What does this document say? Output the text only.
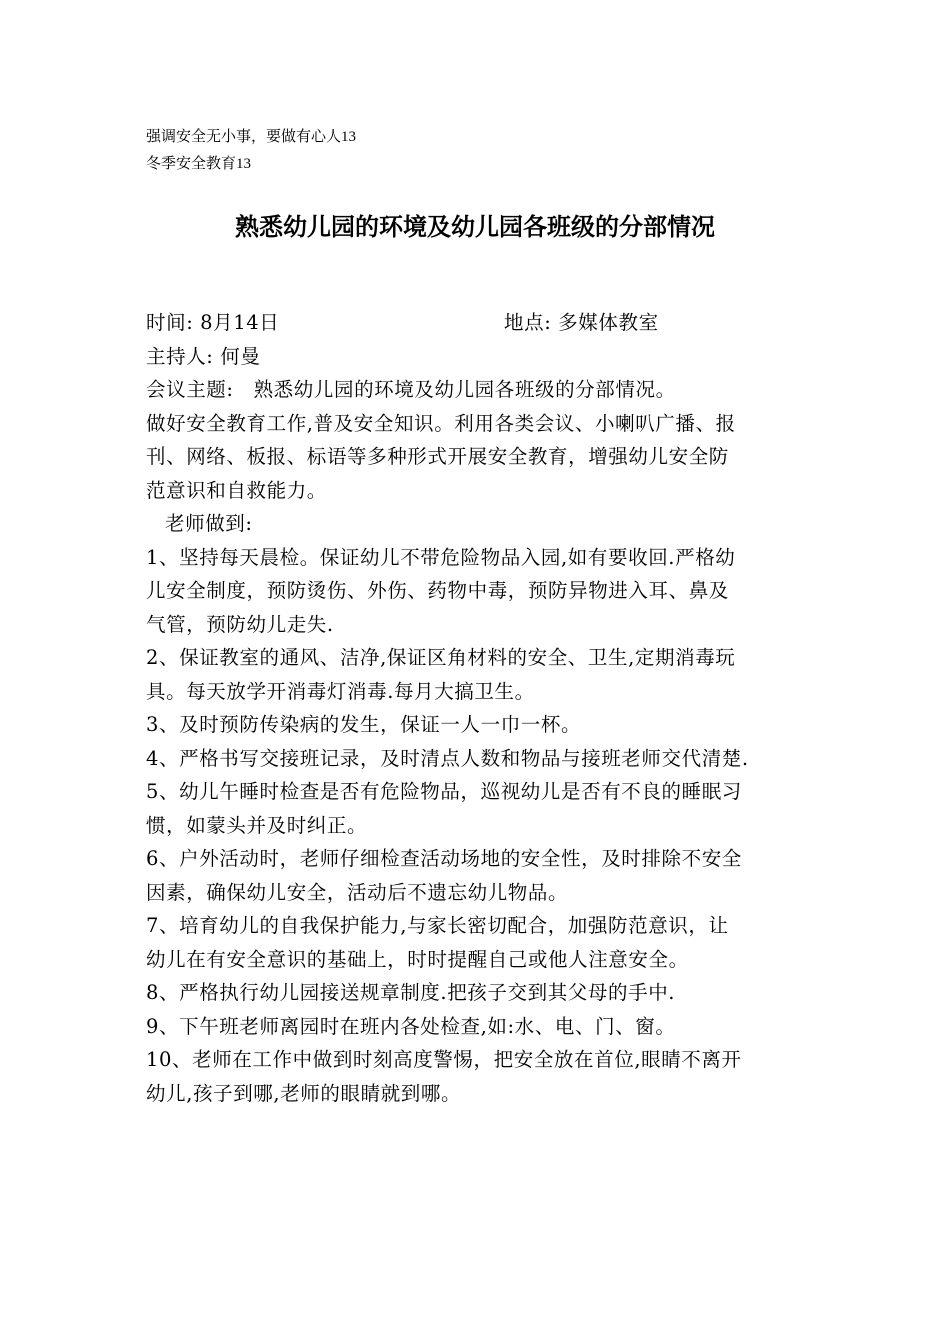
强调安全无小事，要做有心人13
冬季安全教育13
熟悉幼儿园的环境及幼儿园各班级的分部情况
时间: 8月14日	地点: 多媒体教室
主持人: 何曼
会议主题: 熟悉幼儿园的环境及幼儿园各班级的分部情况。
做好安全教育工作,普及安全知识。利用各类会议、小喇叭广播、报
刊、网络、板报、标语等多种形式开展安全教育，增强幼儿安全防
范意识和自救能力。
老师做到:
1、坚持每天晨检。保证幼儿不带危险物品入园,如有要收回.严格幼
儿安全制度，预防烫伤、外伤、药物中毒，预防异物进入耳、鼻及
气管，预防幼儿走失.
2、保证教室的通风、洁净,保证区角材料的安全、卫生,定期消毒玩
具。每天放学开消毒灯消毒.每月大搞卫生。
3、及时预防传染病的发生，保证一人一巾一杯。
4、严格书写交接班记录，及时清点人数和物品与接班老师交代清楚.
5、幼儿午睡时检查是否有危险物品，巡视幼儿是否有不良的睡眠习
惯，如蒙头并及时纠正。
6、户外活动时，老师仔细检查活动场地的安全性，及时排除不安全
因素，确保幼儿安全，活动后不遗忘幼儿物品。
7、培育幼儿的自我保护能力,与家长密切配合，加强防范意识，让
幼儿在有安全意识的基础上，时时提醒自己或他人注意安全。
8、严格执行幼儿园接送规章制度.把孩子交到其父母的手中.
9、下午班老师离园时在班内各处检查,如:水、电、门、窗。
10、老师在工作中做到时刻高度警惕，把安全放在首位,眼睛不离开
幼儿,孩子到哪,老师的眼睛就到哪。
